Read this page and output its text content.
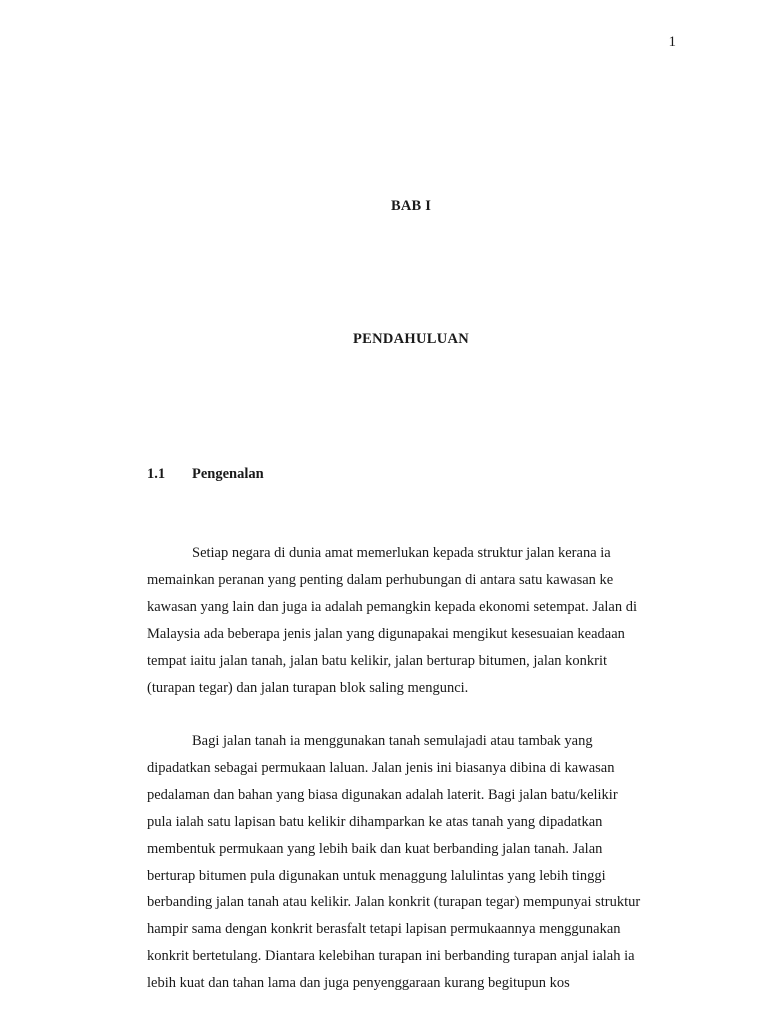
1
BAB I
PENDAHULUAN
1.1	Pengenalan
Setiap negara di dunia amat memerlukan kepada struktur jalan kerana ia
memainkan peranan yang penting dalam perhubungan di antara satu kawasan ke
kawasan yang lain dan juga ia adalah pemangkin kepada ekonomi setempat. Jalan di
Malaysia ada beberapa jenis jalan yang digunapakai mengikut kesesuaian keadaan
tempat iaitu jalan tanah, jalan batu kelikir, jalan berturap bitumen, jalan konkrit
(turapan tegar) dan jalan turapan blok saling mengunci.
Bagi jalan tanah ia menggunakan tanah semulajadi atau tambak yang
dipadatkan sebagai permukaan laluan. Jalan jenis ini biasanya dibina di kawasan
pedalaman dan bahan yang biasa digunakan adalah laterit. Bagi jalan batu/kelikir
pula ialah satu lapisan batu kelikir dihamparkan ke atas tanah yang dipadatkan
membentuk permukaan yang lebih baik dan kuat berbanding jalan tanah. Jalan
berturap bitumen pula digunakan untuk menaggung lalulintas yang lebih tinggi
berbanding jalan tanah atau kelikir. Jalan konkrit (turapan tegar) mempunyai struktur
hampir sama dengan konkrit berasfalt tetapi lapisan permukaannya menggunakan
konkrit bertetulang. Diantara kelebihan turapan ini berbanding turapan anjal ialah ia
lebih kuat dan tahan lama dan juga penyenggaraan kurang begitupun kos
